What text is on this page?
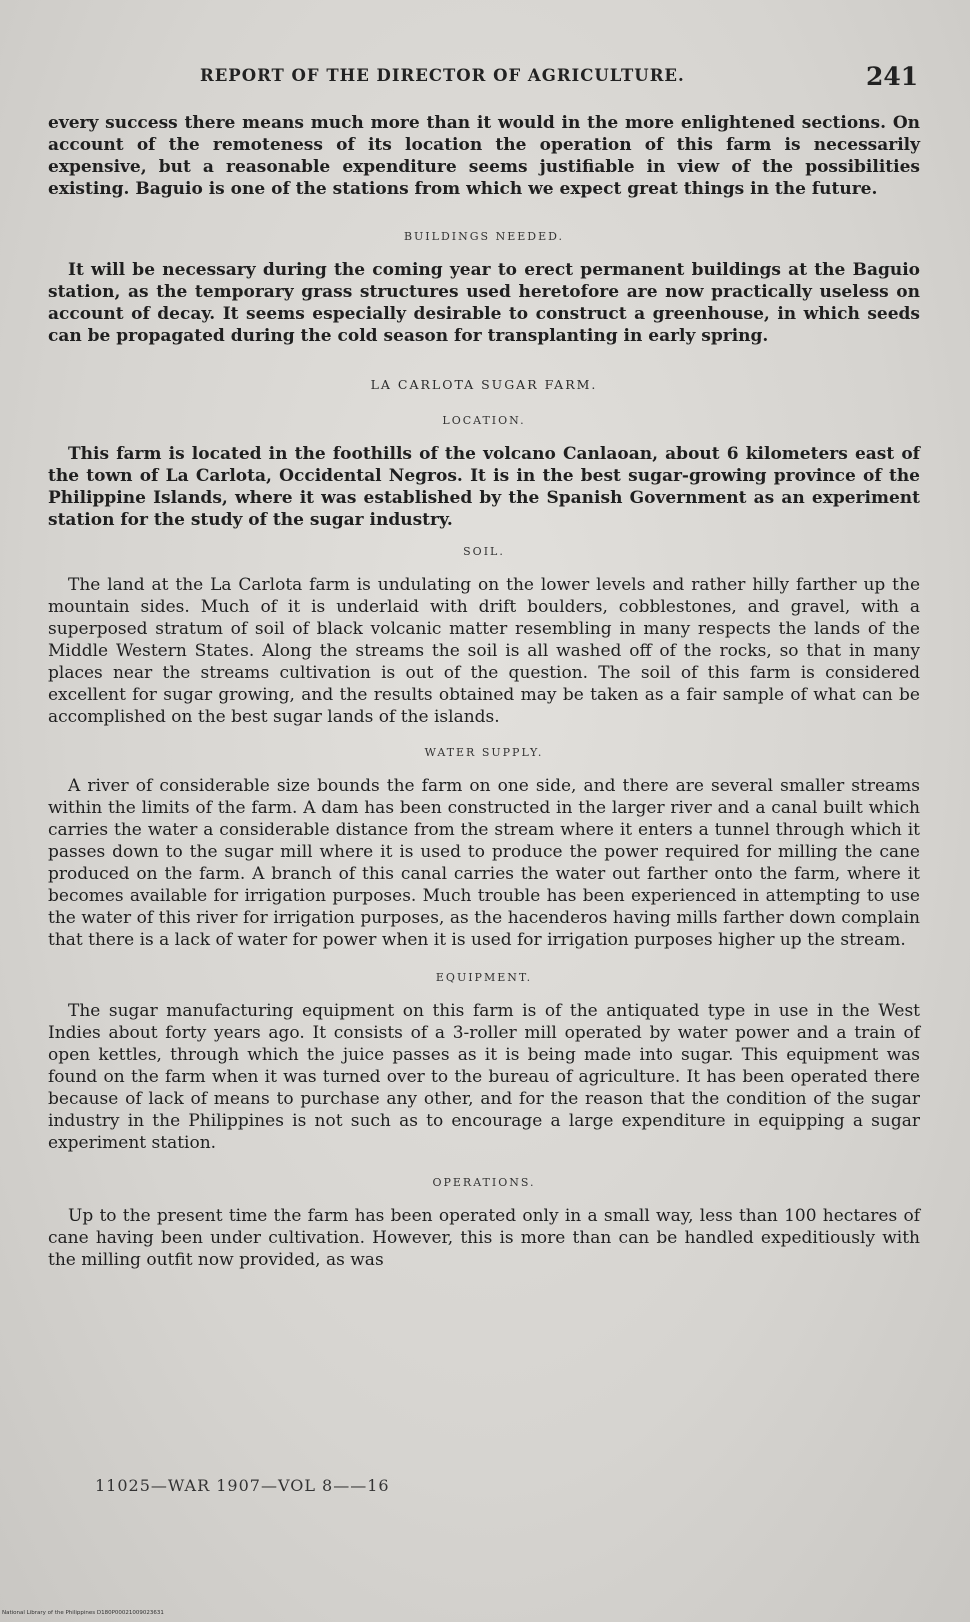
REPORT OF THE DIRECTOR OF AGRICULTURE.	241

every success there means much more than it would in the more enlightened sections. On account of the remoteness of its location the operation of this farm is necessarily expensive, but a reasonable expenditure seems justifiable in view of the possibilities existing. Baguio is one of the stations from which we expect great things in the future.

BUILDINGS NEEDED.

It will be necessary during the coming year to erect permanent buildings at the Baguio station, as the temporary grass structures used heretofore are now practically useless on account of decay. It seems especially desirable to construct a greenhouse, in which seeds can be propagated during the cold season for transplanting in early spring.

LA CARLOTA SUGAR FARM.
LOCATION.

This farm is located in the foothills of the volcano Canlaoan, about 6 kilometers east of the town of La Carlota, Occidental Negros. It is in the best sugar-growing province of the Philippine Islands, where it was established by the Spanish Government as an experiment station for the study of the sugar industry.

SOIL.

The land at the La Carlota farm is undulating on the lower levels and rather hilly farther up the mountain sides. Much of it is underlaid with drift boulders, cobblestones, and gravel, with a superposed stratum of soil of black volcanic matter resembling in many respects the lands of the Middle Western States. Along the streams the soil is all washed off of the rocks, so that in many places near the streams cultivation is out of the question. The soil of this farm is considered excellent for sugar growing, and the results obtained may be taken as a fair sample of what can be accomplished on the best sugar lands of the islands.

WATER SUPPLY.

A river of considerable size bounds the farm on one side, and there are several smaller streams within the limits of the farm. A dam has been constructed in the larger river and a canal built which carries the water a considerable distance from the stream where it enters a tunnel through which it passes down to the sugar mill where it is used to produce the power required for milling the cane produced on the farm. A branch of this canal carries the water out farther onto the farm, where it becomes available for irrigation purposes. Much trouble has been experienced in attempting to use the water of this river for irrigation purposes, as the hacenderos having mills farther down complain that there is a lack of water for power when it is used for irrigation purposes higher up the stream.

EQUIPMENT.

The sugar manufacturing equipment on this farm is of the antiquated type in use in the West Indies about forty years ago. It consists of a 3-roller mill operated by water power and a train of open kettles, through which the juice passes as it is being made into sugar. This equipment was found on the farm when it was turned over to the bureau of agriculture. It has been operated there because of lack of means to purchase any other, and for the reason that the condition of the sugar industry in the Philippines is not such as to encourage a large expenditure in equipping a sugar experiment station.

OPERATIONS.

Up to the present time the farm has been operated only in a small way, less than 100 hectares of cane having been under cultivation. However, this is more than can be handled expeditiously with the milling outfit now provided, as was

11025—WAR 1907—VOL 8——16
National Library of the Philippines D180P00021009023631
